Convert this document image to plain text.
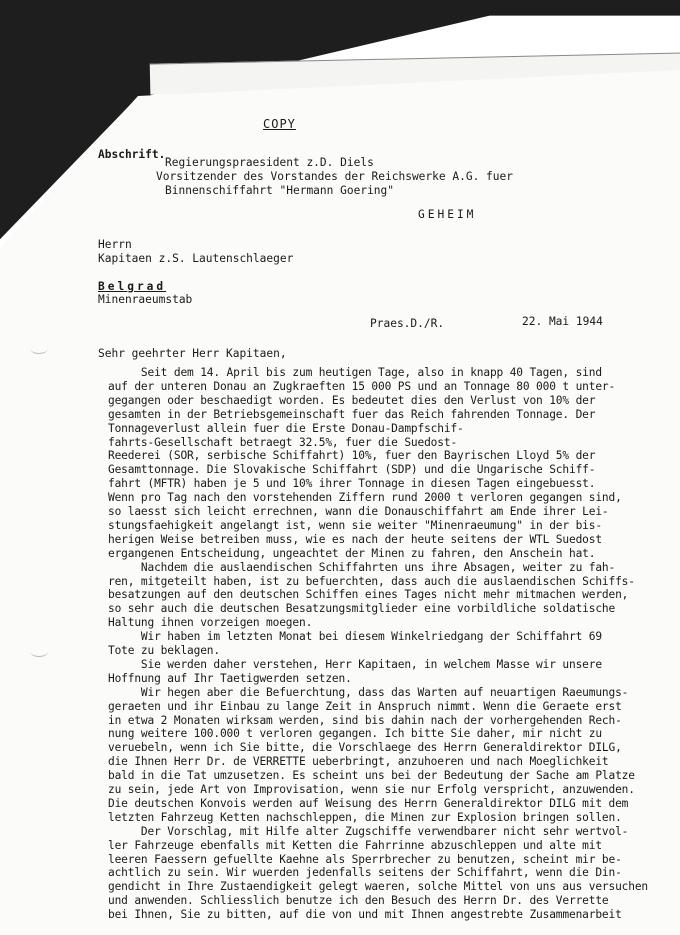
COPY
Abschrift.
Regierungspraesident z.D. Diels
Vorsitzender des Vorstandes der Reichswerke A.G. fuer
Binnenschiffahrt "Hermann Goering"
GEHEIM
Herrn
Kapitaen z.S. Lautenschlaeger
Belgrad
Minenraeumstab
Praes.D./R.	22. Mai 1944
Sehr geehrter Herr Kapitaen,
Seit dem 14. April bis zum heutigen Tage, also in knapp 40 Tagen, sind
auf der unteren Donau an Zugkraeften 15 000 PS und an Tonnage 80 000 t unter-
gegangen oder beschaedigt worden. Es bedeutet dies den Verlust von 10% der
gesamten in der Betriebsgemeinschaft fuer das Reich fahrenden Tonnage. Der
Tonnageverlust allein fuer die Erste Donau-Dampfschif-
fahrts-Gesellschaft betraegt 32.5%, fuer die Suedost-
Reederei (SOR, serbische Schiffahrt) 10%, fuer den Bayrischen Lloyd 5% der
Gesamttonnage. Die Slovakische Schiffahrt (SDP) und die Ungarische Schiff-
fahrt (MFTR) haben je 5 und 10% ihrer Tonnage in diesen Tagen eingebuesst.
Wenn pro Tag nach den vorstehenden Ziffern rund 2000 t verloren gegangen sind,
so laesst sich leicht errechnen, wann die Donauschiffahrt am Ende ihrer Lei-
stungsfaehigkeit angelangt ist, wenn sie weiter "Minenraeumung" in der bis-
herigen Weise betreiben muss, wie es nach der heute seitens der WTL Suedost
ergangenen Entscheidung, ungeachtet der Minen zu fahren, den Anschein hat.
Nachdem die auslaendischen Schiffahrten uns ihre Absagen, weiter zu fah-
ren, mitgeteilt haben, ist zu befuerchten, dass auch die auslaendischen Schiffs-
besatzungen auf den deutschen Schiffen eines Tages nicht mehr mitmachen werden,
so sehr auch die deutschen Besatzungsmitglieder eine vorbildliche soldatische
Haltung ihnen vorzeigen moegen.
Wir haben im letzten Monat bei diesem Winkelriedgang der Schiffahrt 69
Tote zu beklagen.
Sie werden daher verstehen, Herr Kapitaen, in welchem Masse wir unsere
Hoffnung auf Ihr Taetigwerden setzen.
Wir hegen aber die Befuerchtung, dass das Warten auf neuartigen Raeumungs-
geraeten und ihr Einbau zu lange Zeit in Anspruch nimmt. Wenn die Geraete erst
in etwa 2 Monaten wirksam werden, sind bis dahin nach der vorhergehenden Rech-
nung weitere 100.000 t verloren gegangen. Ich bitte Sie daher, mir nicht zu
veruebeln, wenn ich Sie bitte, die Vorschlaege des Herrn Generaldirektor DILG,
die Ihnen Herr Dr. de VERRETTE ueberbringt, anzuhoeren und nach Moeglichkeit
bald in die Tat umzusetzen. Es scheint uns bei der Bedeutung der Sache am Platze
zu sein, jede Art von Improvisation, wenn sie nur Erfolg verspricht, anzuwenden.
Die deutschen Konvois werden auf Weisung des Herrn Generaldirektor DILG mit dem
letzten Fahrzeug Ketten nachschleppen, die Minen zur Explosion bringen sollen.
Der Vorschlag, mit Hilfe alter Zugschiffe verwendbarer nicht sehr wertvol-
ler Fahrzeuge ebenfalls mit Ketten die Fahrrinne abzuschleppen und alte mit
leeren Faessern gefuellte Kaehne als Sperrbrecher zu benutzen, scheint mir be-
achtlich zu sein. Wir wuerden jedenfalls seitens der Schiffahrt, wenn die Din-
gendicht in Ihre Zustaendigkeit gelegt waeren, solche Mittel von uns aus versuchen
und anwenden. Schliesslich benutze ich den Besuch des Herrn Dr. des Verrette
bei Ihnen, Sie zu bitten, auf die von und mit Ihnen angestrebte Zusammenarbeit
